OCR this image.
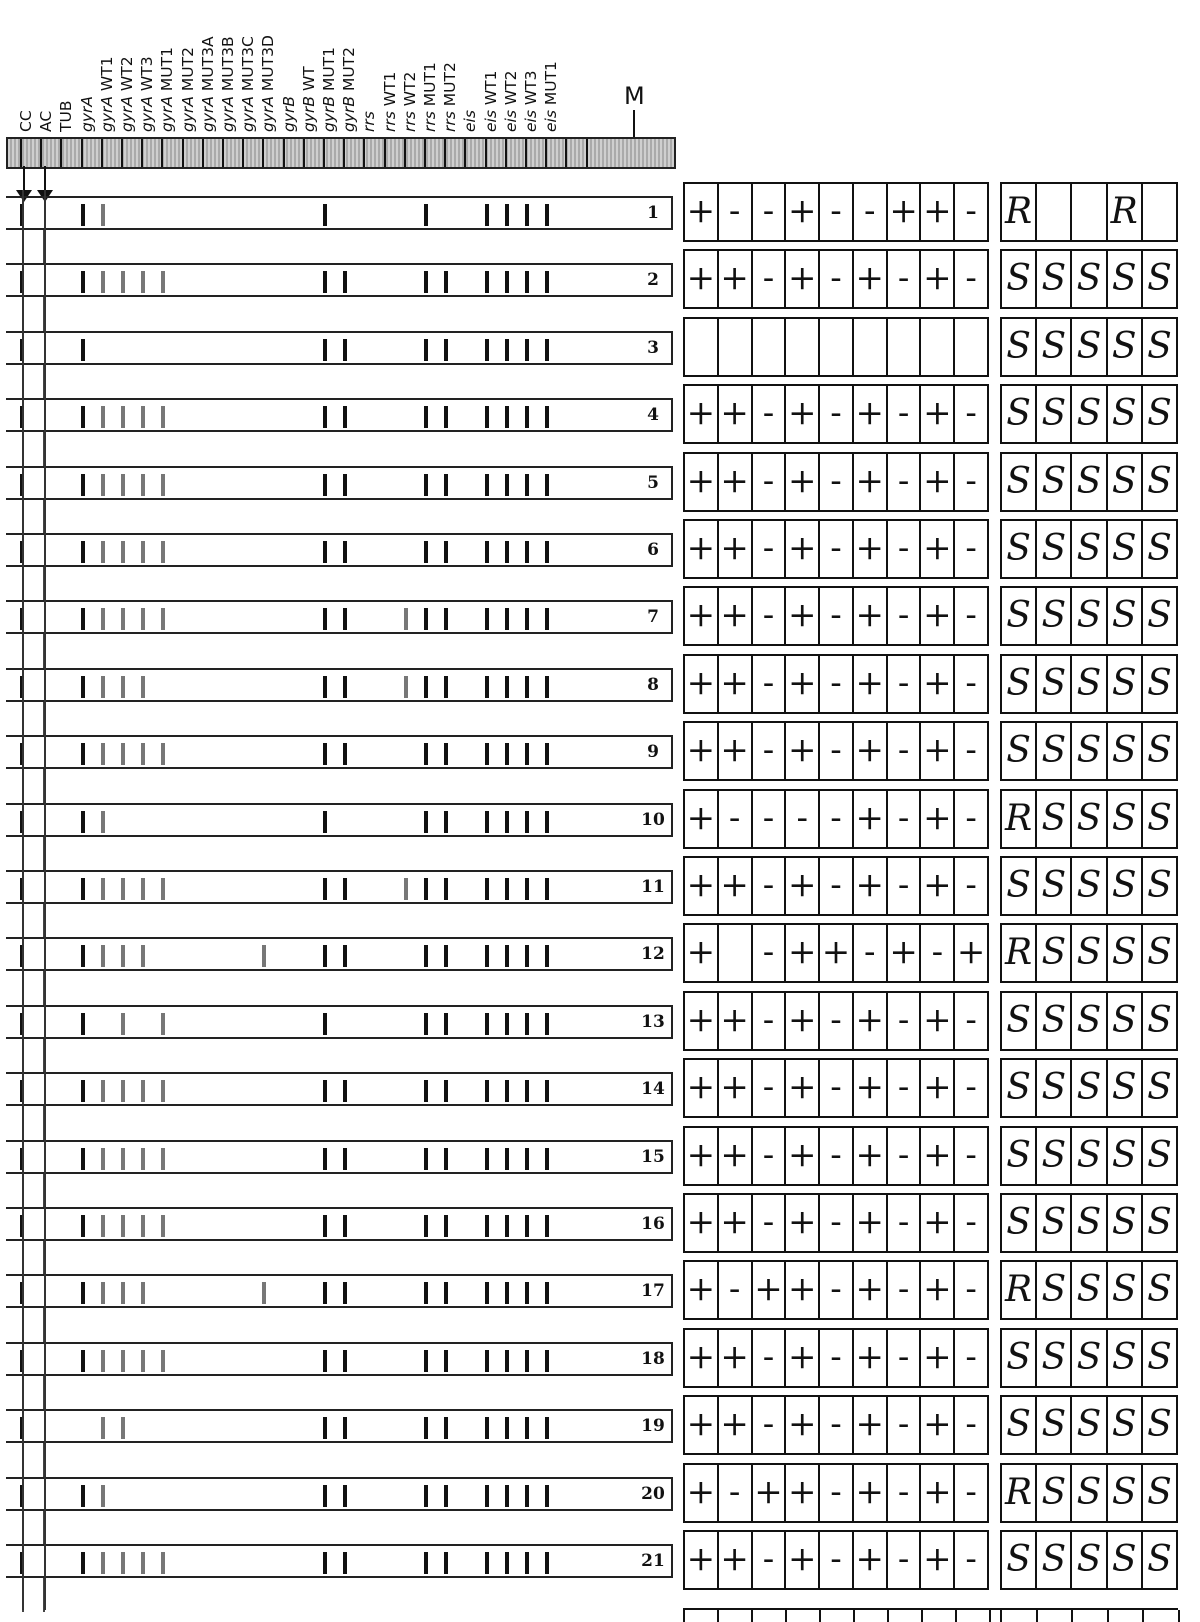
CC AC TUB gyrA gyrA WT1
gyrA WT2
gyrA WT3
gyrA MUT1
gyrA MUT2
gyrA MUT3A
gyrA MUT3B
gyrA MUT3C
gyrA MUT3D
gyrB gyrB WT
gyrB MUT1
gyrB MUT2
rrs rrs WT1
rrs WT2
rrs MUT1
rrs MUT2
eis eis WT1
eis WT2
eis WT3
eis MUT1	M
1 + - - + - - + + - R R
2 + + - + - + - + - S S S S S
3	S S S S S
4 + + - + - + - + - S S S S S
5 + + - + - + - + - S S S S S
6 + + - + - + - + - S S S S S
7 + + - + - + - + - S S S S S
8 + + - + - + - + - S S S S S
9 + + - + - + - + - S S S S S
10 + - - - - + - + - R S S S S
11 + + - + - + - + - S S S S S
12 + - + + - + - + R S S S S
13 + + - + - + - + - S S S S S
14 + + - + - + - + - S S S S S
15 + + - + - + - + - S S S S S
16 + + - + - + - + - S S S S S
17 + - + + - + - + - R S S S S
18 + + - + - + - + - S S S S S
19 + + - + - + - + - S S S S S
20 + - + + - + - + - R S S S S
21 + + - + - + - + - S S S S S
